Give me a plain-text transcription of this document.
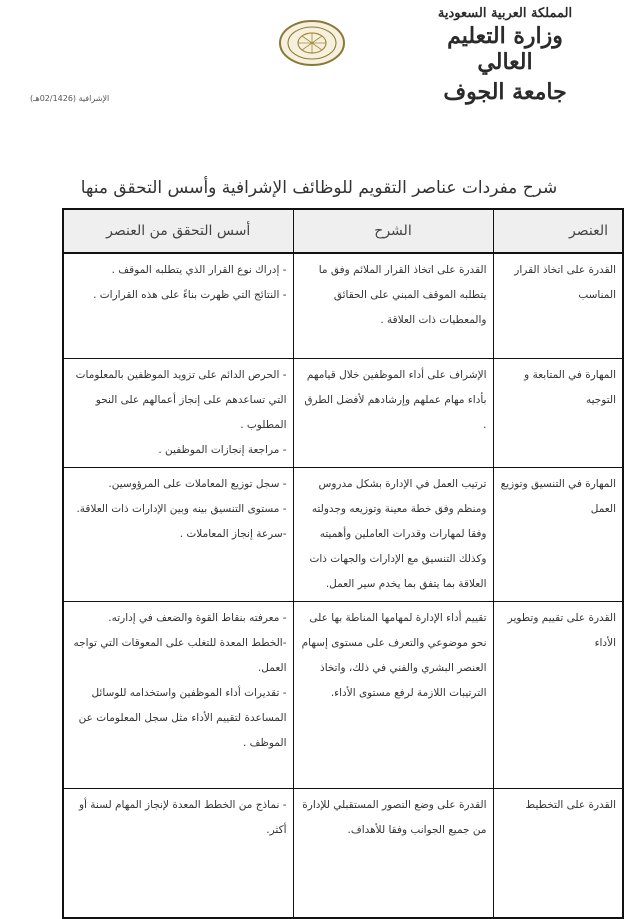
المملكة العربية السعودية
وزارة التعليم العالي
جامعة الجوف
الإشرافية (02/1426هـ)
شرح مفردات عناصر التقويم للوظائف الإشرافية وأسس التحقق منها
العنصر	الشرح	أسس التحقق من العنصر
القدرة على اتخاذ القرار المناسب	القدرة على اتخاذ القرار الملائم وفق ما يتطلبه الموقف المبني على الحقائق والمعطيات ذات العلاقة .	- إدراك نوع القرار الذي يتطلبه الموقف .
- النتائج التي ظهرت بناءً على هذه القرارات .

المهارة في المتابعة و التوجيه	الإشراف على أداء الموظفين خلال قيامهم بأداء مهام عملهم وإرشادهم لأفضل الطرق .	- الحرص الدائم على تزويد الموظفين بالمعلومات التي تساعدهم على إنجاز أعمالهم على النحو المطلوب .
- مراجعة إنجازات الموظفين .

المهارة في التنسيق وتوزيع العمل	ترتيب العمل في الإدارة بشكل مدروس ومنظم وفق خطة معينة وتوزيعه وجدولته وفقا لمهارات وقدرات العاملين وأهميته وكذلك التنسيق مع الإدارات والجهات ذات العلاقة بما يتفق بما يخدم سير العمل.	- سجل توزيع المعاملات على المرؤوسين.
- مستوى التنسيق بينه وبين الإدارات ذات العلاقة.
-سرعة إنجاز المعاملات .

القدرة على تقييم وتطوير الأداء	تقييم أداء الإدارة لمهامها المناطة بها على نحو موضوعي والتعرف على مستوى إسهام العنصر البشري والفني في ذلك، واتخاذ الترتيبات اللازمة لرفع مستوى الأداء.	- معرفته بنقاط القوة والضعف في إدارته.
-الخطط المعدة للتغلب على المعوقات التي تواجه العمل.
- تقديرات أداء الموظفين واستخدامه للوسائل المساعدة لتقييم الأداء مثل سجل المعلومات عن الموظف .

القدرة على التخطيط	القدرة على وضع التصور المستقبلي للإدارة من جميع الجوانب وفقا للأهداف.	- نماذج من الخطط المعدة لإنجاز المهام لسنة أو أكثر.
